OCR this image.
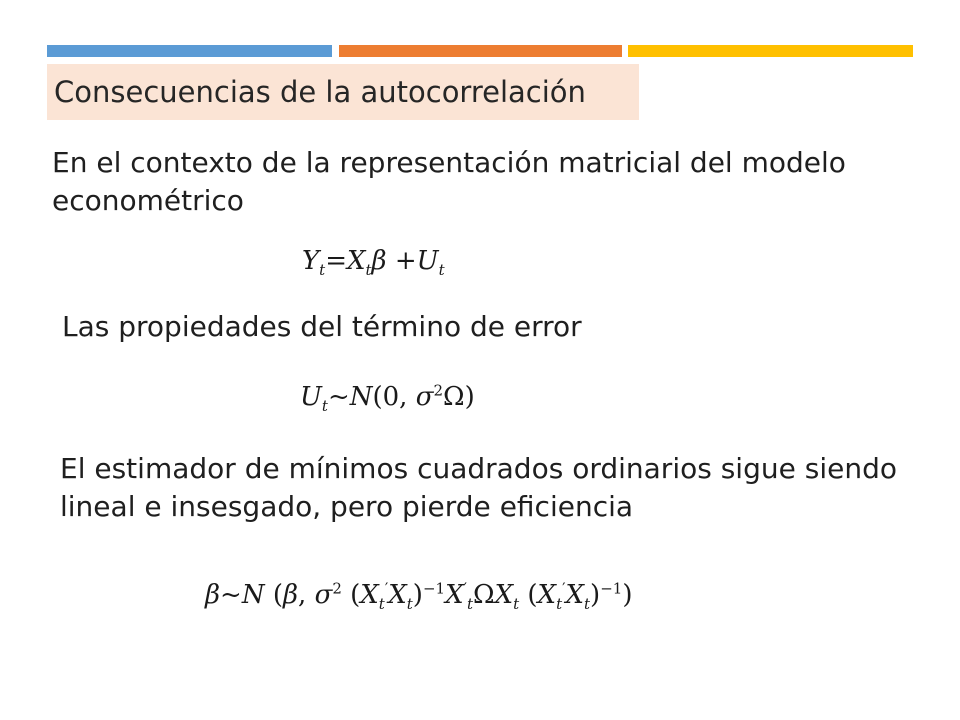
Consecuencias de la autocorrelación
En el contexto de la representación matricial del modelo econométrico
$Y_t=X_t\beta +U_t$
Las propiedades del término de error
$U_t\sim N(0$, $\sigma^2\Omega$)
El estimador de mínimos cuadrados ordinarios sigue siendo lineal e insesgado, pero pierde eficiencia
β~N (β, $\sigma^2$ $(X_t'X_t)^{-1}X'_t\Omega X_t$ $(X_t'X_t)^{-1}$)
